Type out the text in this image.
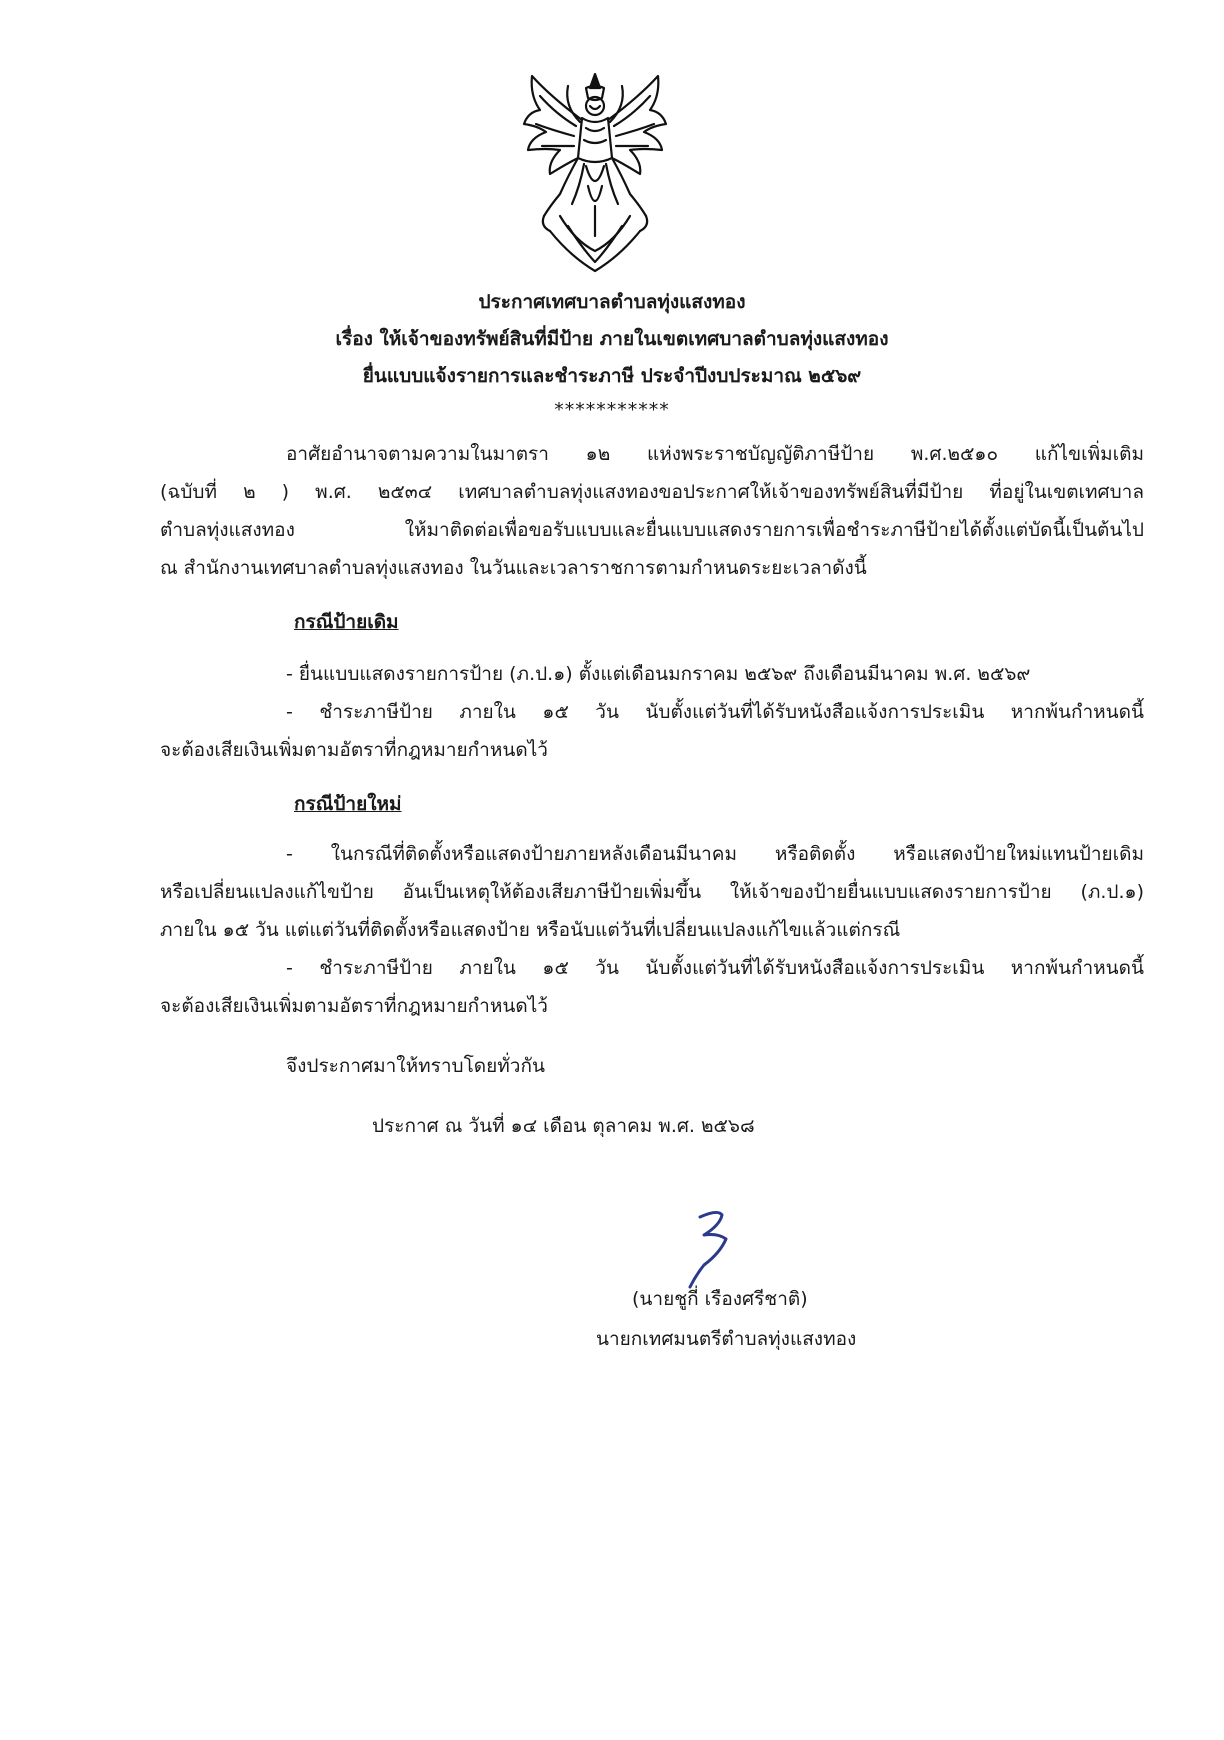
ประกาศเทศบาลตำบลทุ่งแสงทอง
เรื่อง ให้เจ้าของทรัพย์สินที่มีป้าย ภายในเขตเทศบาลตำบลทุ่งแสงทอง
ยื่นแบบแจ้งรายการและชำระภาษี ประจำปีงบประมาณ ๒๕๖๙
***********
อาศัยอำนาจตามความในมาตรา ๑๒ แห่งพระราชบัญญัติภาษีป้าย พ.ศ.๒๕๑๐ แก้ไขเพิ่มเติม
(ฉบับที่ ๒ ) พ.ศ. ๒๕๓๔ เทศบาลตำบลทุ่งแสงทองขอประกาศให้เจ้าของทรัพย์สินที่มีป้าย ที่อยู่ในเขตเทศบาล
ตำบลทุ่งแสงทอง ให้มาติดต่อเพื่อขอรับแบบและยื่นแบบแสดงรายการเพื่อชำระภาษีป้ายได้ตั้งแต่บัดนี้เป็นต้นไป
ณ สำนักงานเทศบาลตำบลทุ่งแสงทอง ในวันและเวลาราชการตามกำหนดระยะเวลาดังนี้
กรณีป้ายเดิม
- ยื่นแบบแสดงรายการป้าย (ภ.ป.๑) ตั้งแต่เดือนมกราคม ๒๕๖๙ ถึงเดือนมีนาคม พ.ศ. ๒๕๖๙
- ชำระภาษีป้าย ภายใน ๑๕ วัน นับตั้งแต่วันที่ได้รับหนังสือแจ้งการประเมิน หากพ้นกำหนดนี้
จะต้องเสียเงินเพิ่มตามอัตราที่กฎหมายกำหนดไว้
กรณีป้ายใหม่
- ในกรณีที่ติดตั้งหรือแสดงป้ายภายหลังเดือนมีนาคม หรือติดตั้ง หรือแสดงป้ายใหม่แทนป้ายเดิม
หรือเปลี่ยนแปลงแก้ไขป้าย อันเป็นเหตุให้ต้องเสียภาษีป้ายเพิ่มขึ้น ให้เจ้าของป้ายยื่นแบบแสดงรายการป้าย (ภ.ป.๑)
ภายใน ๑๕ วัน แต่แต่วันที่ติดตั้งหรือแสดงป้าย หรือนับแต่วันที่เปลี่ยนแปลงแก้ไขแล้วแต่กรณี
- ชำระภาษีป้าย ภายใน ๑๕ วัน นับตั้งแต่วันที่ได้รับหนังสือแจ้งการประเมิน หากพ้นกำหนดนี้
จะต้องเสียเงินเพิ่มตามอัตราที่กฎหมายกำหนดไว้
จึงประกาศมาให้ทราบโดยทั่วกัน
ประกาศ ณ วันที่ ๑๔ เดือน ตุลาคม พ.ศ. ๒๕๖๘
(นายชูกี่ เรืองศรีชาติ)
นายกเทศมนตรีตำบลทุ่งแสงทอง
